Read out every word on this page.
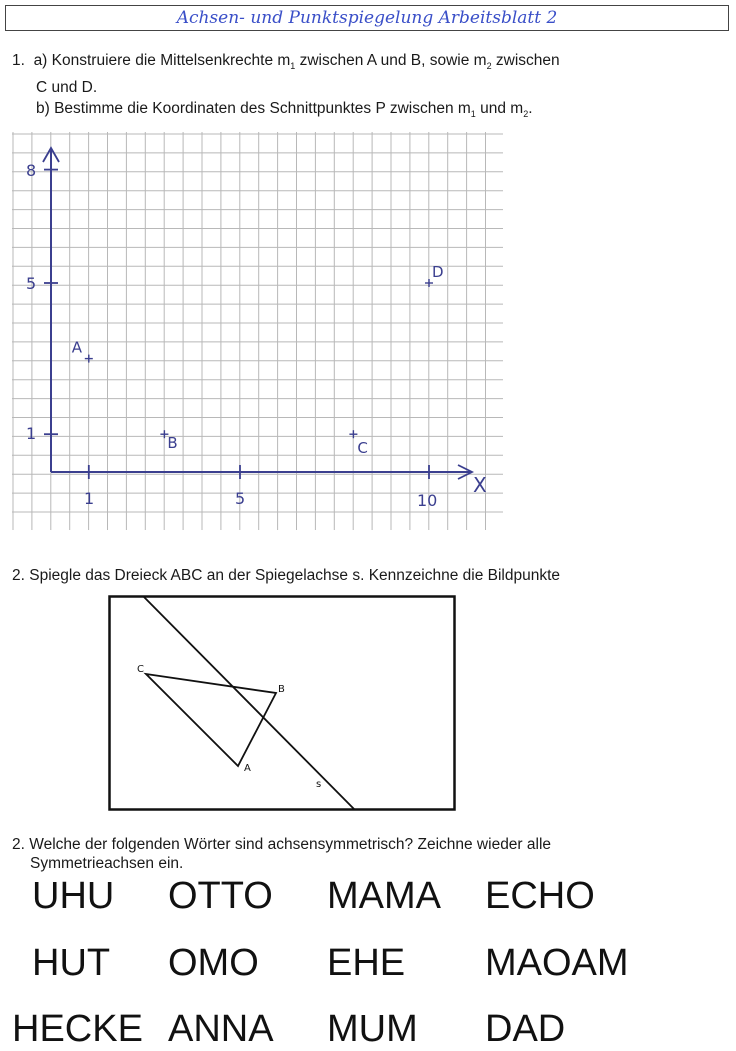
Achsen- und Punktspiegelung Arbeitsblatt 2
1. a) Konstruiere die Mittelsenkrechte $m_1$ zwischen A und B, sowie $m_2$ zwischen
C und D.
b) Bestimme die Koordinaten des Schnittpunktes P zwischen $m_1$ und $m_2$.
8
5
1
1	5	10
X
A
B	C
D
2. Spiegle das Dreieck ABC an der Spiegelachse s. Kennzeichne die Bildpunkte
C
B
A
s
2. Welche der folgenden Wörter sind achsensymmetrisch? Zeichne wieder alle
Symmetrieachsen ein.
UHU OTTO MAMA ECHO
HUT OMO EHE MAOAM
HECKE ANNA MUM DAD
